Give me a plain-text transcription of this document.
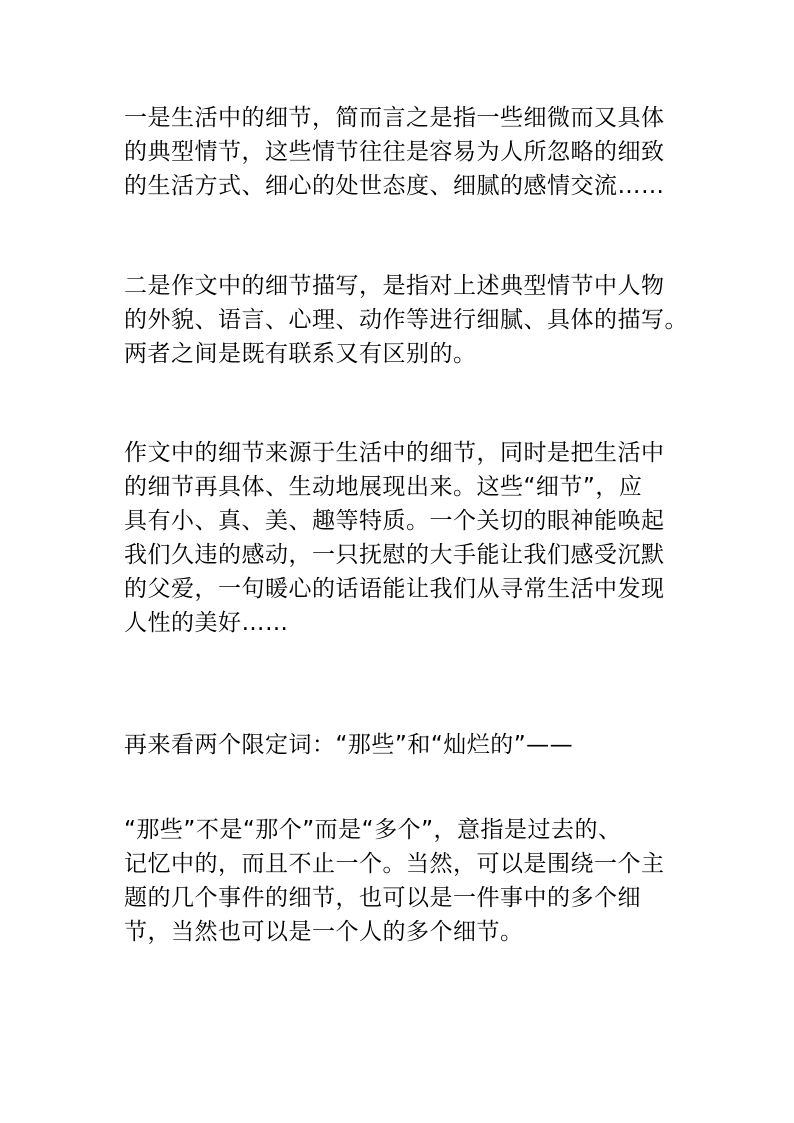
一是生活中的细节，简而言之是指一些细微而又具体
的典型情节，这些情节往往是容易为人所忽略的细致
的生活方式、细心的处世态度、细腻的感情交流……
二是作文中的细节描写，是指对上述典型情节中人物
的外貌、语言、心理、动作等进行细腻、具体的描写。
两者之间是既有联系又有区别的。
作文中的细节来源于生活中的细节，同时是把生活中
的细节再具体、生动地展现出来。这些“细节”，应
具有小、真、美、趣等特质。一个关切的眼神能唤起
我们久违的感动，一只抚慰的大手能让我们感受沉默
的父爱，一句暖心的话语能让我们从寻常生活中发现
人性的美好……
再来看两个限定词：“那些”和“灿烂的”——
“那些”不是“那个”而是“多个”，意指是过去的、
记忆中的，而且不止一个。当然，可以是围绕一个主
题的几个事件的细节，也可以是一件事中的多个细
节，当然也可以是一个人的多个细节。
